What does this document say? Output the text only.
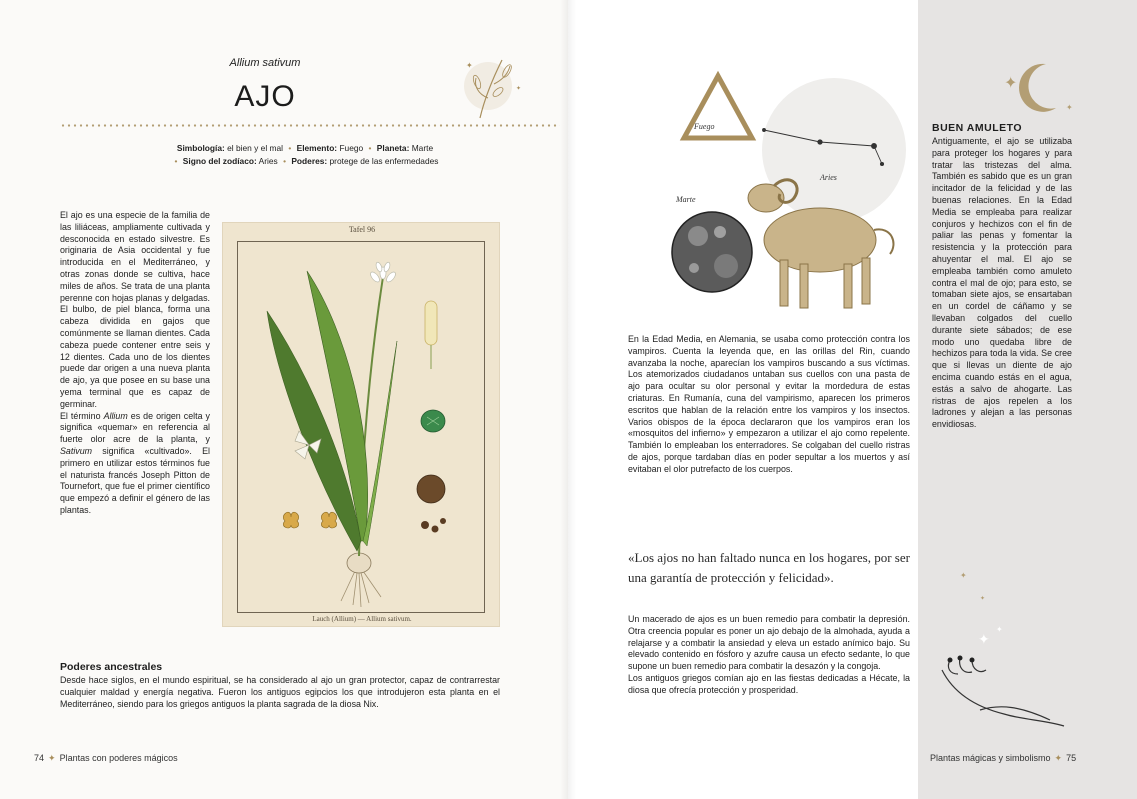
Allium sativum
AJO
✦
✦
Simbología: el bien y el mal • Elemento: Fuego • Planeta: Marte
• Signo del zodíaco: Aries • Poderes: protege de las enfermedades

El ajo es una especie de la familia de las liliáceas, ampliamente cultivada y desconocida en estado silvestre. Es originaria de Asia occidental y fue introducida en el Mediterráneo, y otras zonas donde se cultiva, hace miles de años. Se trata de una planta perenne con hojas planas y delgadas. El bulbo, de piel blanca, forma una cabeza dividida en gajos que comúnmente se llaman dientes. Cada cabeza puede contener entre seis y 12 dientes. Cada uno de los dientes puede dar origen a una nueva planta de ajo, ya que posee en su base una yema terminal que es capaz de germinar.

El término Allium es de origen celta y significa «quemar» en referencia al fuerte olor acre de la planta, y Sativum significa «cultivado». El primero en utilizar estos términos fue el naturista francés Joseph Pitton de Tournefort, que fue el primer científico que empezó a definir el género de las plantas.

Tafel 96
Lauch (Allium) — Allium sativum.
Poderes ancestrales
Desde hace siglos, en el mundo espiritual, se ha considerado al ajo un gran protector, capaz de contrarrestar cualquier maldad y energía negativa. Fueron los antiguos egipcios los que introdujeron esta planta en el Mediterráneo, siendo para los griegos antiguos la planta sagrada de la diosa Nix.
74 ✦ Plantas con poderes mágicos
Fuego
Aries
Marte
En la Edad Media, en Alemania, se usaba como protección contra los vampiros. Cuenta la leyenda que, en las orillas del Rin, cuando avanzaba la noche, aparecían los vampiros buscando a sus víctimas. Los atemorizados ciudadanos untaban sus cuellos con una pasta de ajo para ocultar su olor personal y evitar la mordedura de estas criaturas. En Rumanía, cuna del vampirismo, aparecen los primeros escritos que hablan de la relación entre los vampiros y los insectos. Varios obispos de la época declararon que los vampiros eran los «mosquitos del infierno» y empezaron a utilizar el ajo como repelente. También lo empleaban los enterradores. Se colgaban del cuello ristras de ajos, porque tardaban días en poder sepultar a los muertos y así evitaban el olor putrefacto de los cuerpos.
«Los ajos no han faltado nunca en los hogares, por ser una garantía de protección y felicidad».

Un macerado de ajos es un buen remedio para combatir la depresión. Otra creencia popular es poner un ajo debajo de la almohada, ayuda a relajarse y a combatir la ansiedad y eleva un estado anímico bajo. Su elevado contenido en fósforo y azufre causa un efecto sedante, lo que supone un buen remedio para combatir la desazón y la congoja.

Los antiguos griegos comían ajo en las fiestas dedicadas a Hécate, la diosa que ofrecía protección y prosperidad.

✦
✦
BUEN AMULETO
Antiguamente, el ajo se utilizaba para proteger los hogares y para tratar las tristezas del alma. También es sabido que es un gran incitador de la felicidad y de las buenas relaciones. En la Edad Media se empleaba para realizar conjuros y hechizos con el fin de paliar las penas y fomentar la resistencia y la protección para ahuyentar el mal. El ajo se empleaba también como amuleto contra el mal de ojo; para esto, se tomaban siete ajos, se ensartaban en un cordel de cáñamo y se llevaban colgados del cuello durante siete sábados; de ese modo uno quedaba libre de hechizos para toda la vida. Se cree que si llevas un diente de ajo encima cuando estás en el agua, estás a salvo de ahogarte. Las ristras de ajos repelen a los ladrones y alejan a las personas envidiosas.
✦
✦
✦
✦
Plantas mágicas y simbolismo ✦ 75
